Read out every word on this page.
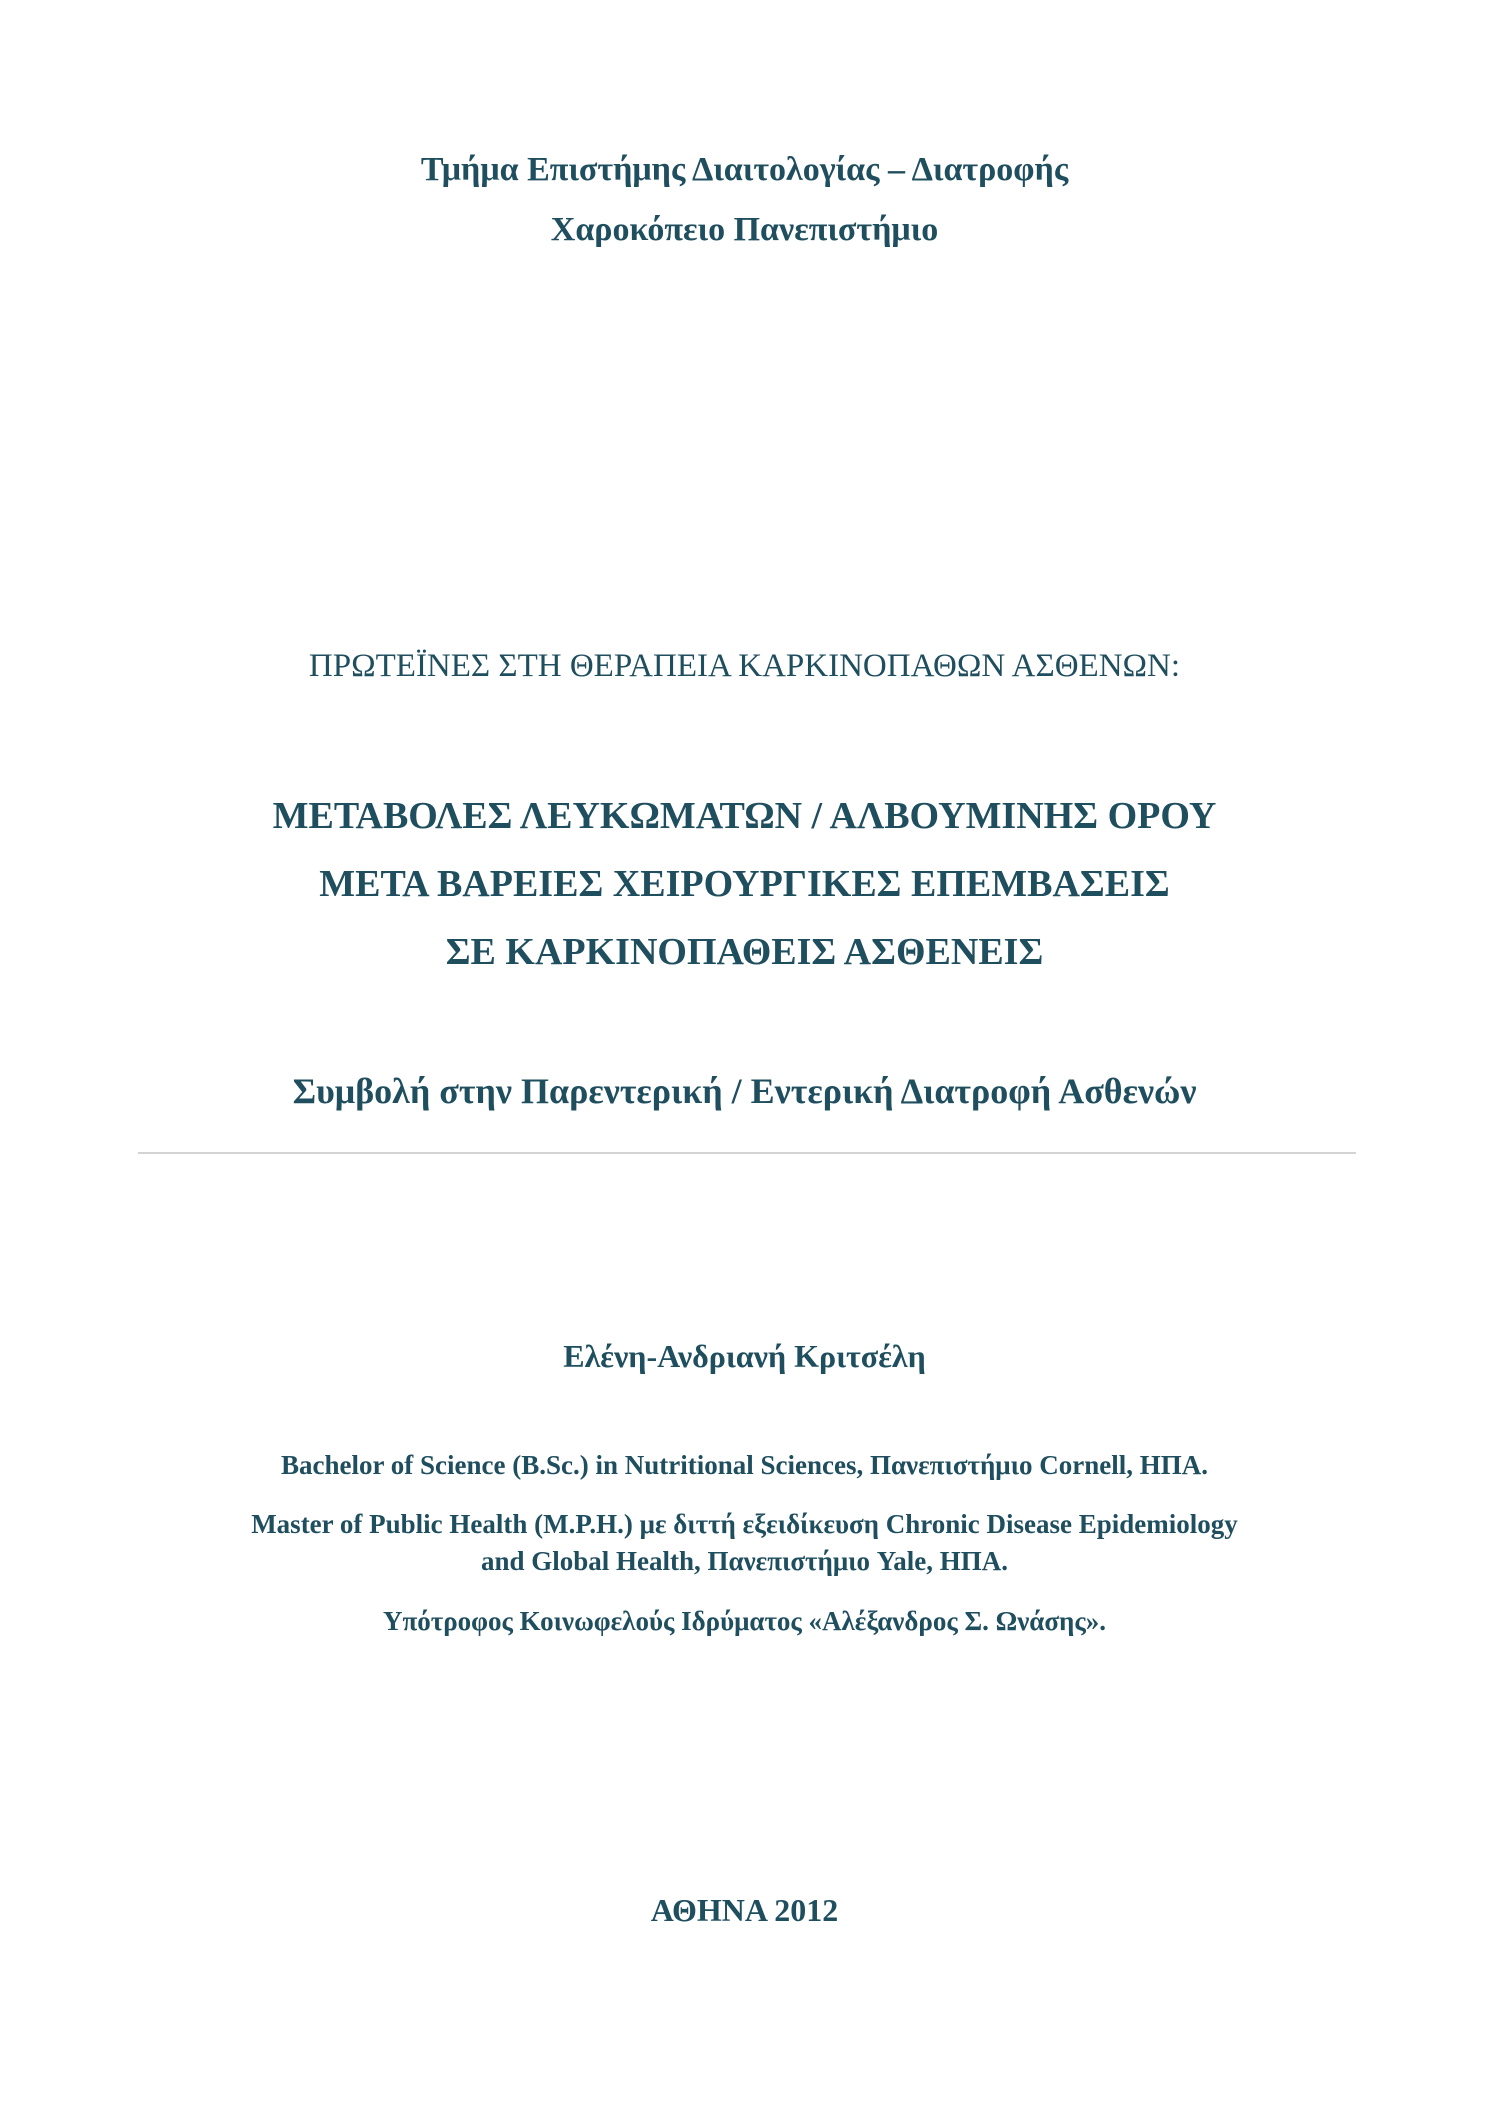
Τμήμα Επιστήμης Διαιτολογίας – Διατροφής
Χαροκόπειο Πανεπιστήμιο
ΠΡΩΤΕΪΝΕΣ ΣΤΗ ΘΕΡΑΠΕΙΑ ΚΑΡΚΙΝΟΠΑΘΩΝ ΑΣΘΕΝΩΝ:
ΜΕΤΑΒΟΛΕΣ ΛΕΥΚΩΜΑΤΩΝ / ΑΛΒΟΥΜΙΝΗΣ ΟΡΟΥ
ΜΕΤΑ ΒΑΡΕΙΕΣ ΧΕΙΡΟΥΡΓΙΚΕΣ ΕΠΕΜΒΑΣΕΙΣ
ΣΕ ΚΑΡΚΙΝΟΠΑΘΕΙΣ ΑΣΘΕΝΕΙΣ
Συμβολή στην Παρεντερική / Εντερική Διατροφή Ασθενών
Ελένη-Ανδριανή Κριτσέλη
Bachelor of Science (B.Sc.) in Nutritional Sciences, Πανεπιστήμιο Cornell, ΗΠΑ.
Master of Public Health (M.P.H.) με διττή εξειδίκευση Chronic Disease Epidemiology
and Global Health, Πανεπιστήμιο Yale, ΗΠΑ.
Υπότροφος Κοινωφελούς Ιδρύματος «Αλέξανδρος Σ. Ωνάσης».
ΑΘΗΝΑ 2012
